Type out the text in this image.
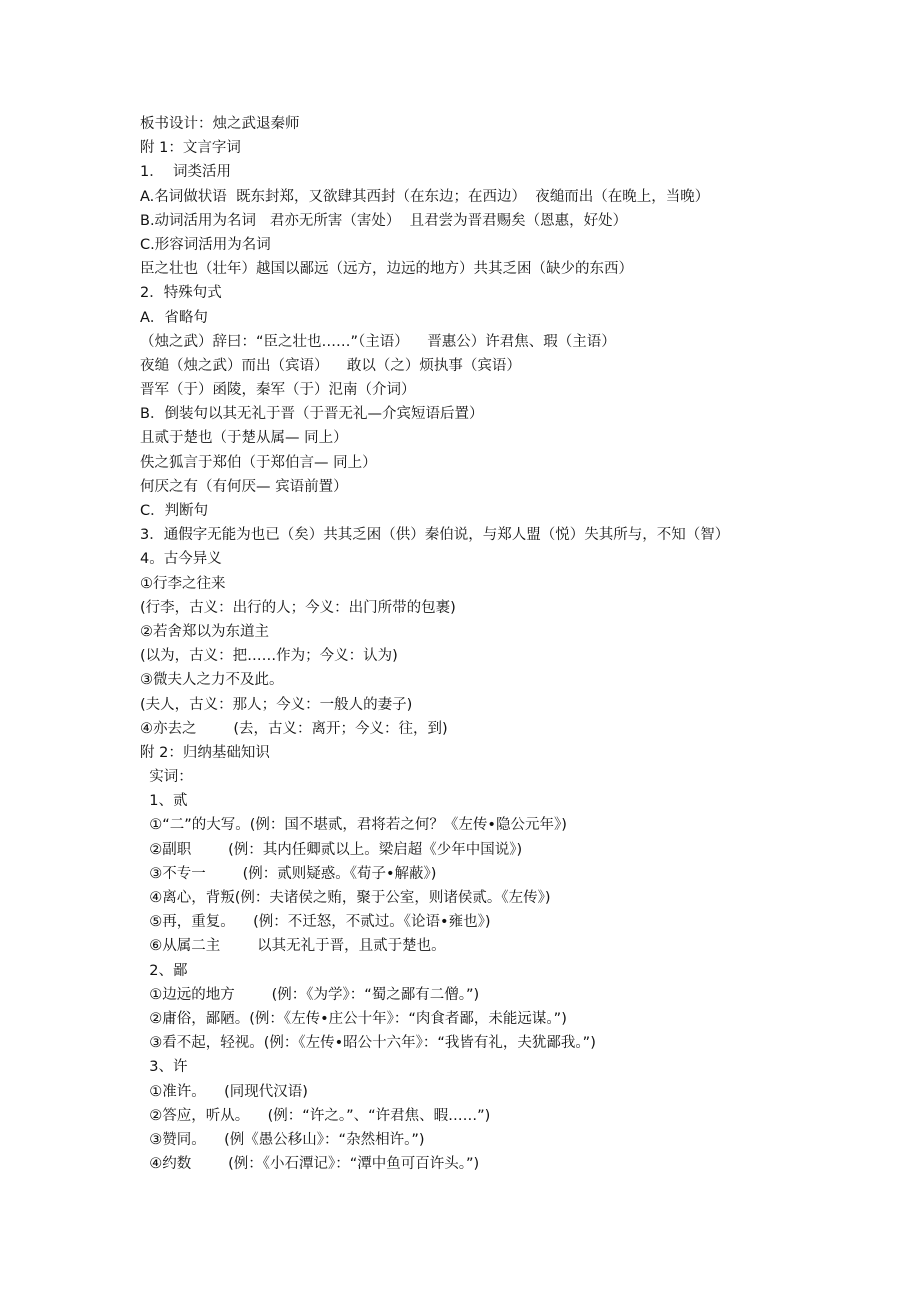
板书设计：烛之武退秦师
附 1：文言字词
1．  词类活用
A.名词做状语  既东封郑，又欲肆其西封（在东边；在西边）  夜缒而出（在晚上，当晚）
B.动词活用为名词   君亦无所害（害处）  且君尝为晋君赐矣（恩惠，好处）
C.形容词活用为名词
臣之壮也（壮年）越国以鄙远（远方，边远的地方）共其乏困（缺少的东西）
2．特殊句式
A．省略句
（烛之武）辞曰：“臣之壮也……”（主语）    晋惠公）许君焦、瑕（主语）
夜缒（烛之武）而出（宾语）    敢以（之）烦执事（宾语）
晋军（于）函陵，秦军（于）氾南（介词）
B．倒装句以其无礼于晋（于晋无礼—介宾短语后置）
且贰于楚也（于楚从属— 同上）
佚之狐言于郑伯（于郑伯言— 同上）
何厌之有（有何厌— 宾语前置）
C．判断句
3．通假字无能为也已（矣）共其乏困（供）秦伯说，与郑人盟（悦）失其所与，不知（智）
4。古今异义
①行李之往来
(行李，古义：出行的人；今义：出门所带的包裹)
②若舍郑以为东道主
(以为，古义：把……作为；今义：认为)
③微夫人之力不及此。
(夫人，古义：那人；今义：一般人的妻子)
④亦去之        (去，古义：离开；今义：往，到)
附 2：归纳基础知识
实词：
1、贰
①“二”的大写。(例：国不堪贰，君将若之何？《左传•隐公元年》)
②副职        (例：其内任卿贰以上。梁启超《少年中国说》)
③不专一        (例：贰则疑惑。《荀子•解蔽》)
④离心，背叛(例：夫诸侯之贿，聚于公室，则诸侯贰。《左传》)
⑤再，重复。    (例：不迁怒，不贰过。《论语•雍也》)
⑥从属二主        以其无礼于晋，且贰于楚也。
2、鄙
①边远的地方        (例：《为学》：“蜀之鄙有二僧。”)
②庸俗，鄙陋。(例：《左传•庄公十年》：“肉食者鄙，未能远谋。”)
③看不起，轻视。(例：《左传•昭公十六年》：“我皆有礼，夫犹鄙我。”)
3、许
①准许。    (同现代汉语)
②答应，听从。    (例：“许之。”、“许君焦、暇……”)
③赞同。    (例《愚公移山》：“杂然相许。”)
④约数        (例：《小石潭记》：“潭中鱼可百许头。”)
